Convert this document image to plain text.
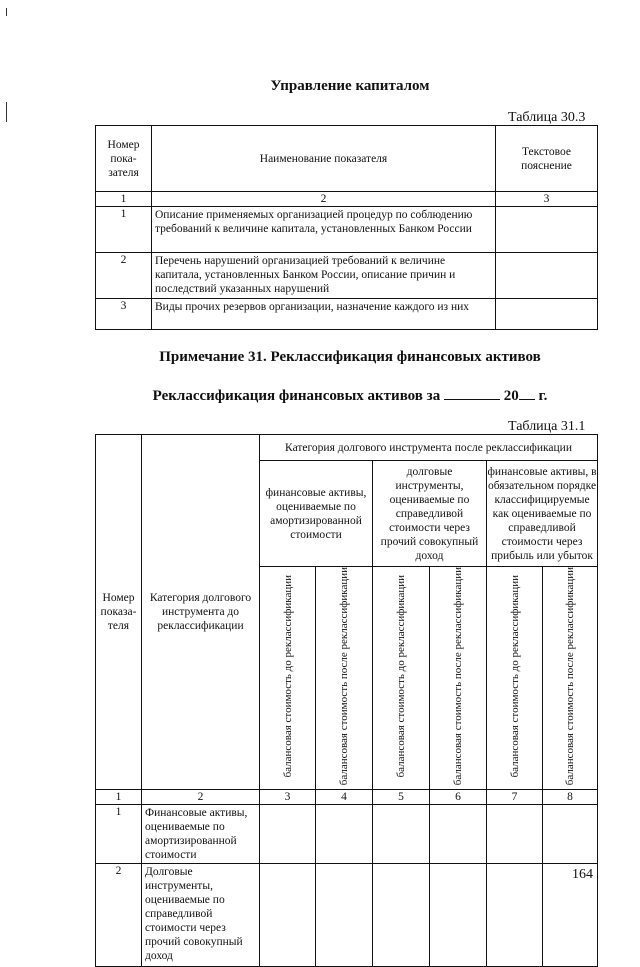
Управление капиталом
Таблица 30.3
Номер пока-зателя	Наименование показателя	Текстовое пояснение
1	2	3
1	Описание применяемых организацией процедур по соблюдению требований к величине капитала, установленных Банком России	
2	Перечень нарушений организацией требований к величине капитала, установленных Банком России, описание причин и последствий указанных нарушений	
3	Виды прочих резервов организации, назначение каждого из них	
Примечание 31. Реклассификация финансовых активов
Реклассификация финансовых активов за	20 г.
Таблица 31.1
Номер показа-теля	Категория долгового инструмента до реклассификации	Категория долгового инструмента после реклассификации					
		финансовые активы, оцениваемые по амортизированной стоимости		долговые инструменты, оцениваемые по справедливой стоимости через прочий совокупный доход		финансовые активы, в обязательном порядке классифицируемые как оцениваемые по справедливой стоимости через прибыль или убыток	
		балансовая стоимость до реклассификации	балансовая стоимость после реклассификации	балансовая стоимость до реклассификации	балансовая стоимость после реклассификации	балансовая стоимость до реклассификации	балансовая стоимость после реклассификации
1	2	3	4	5	6	7	8
1	Финансовые активы, оцениваемые по амортизированной стоимости						
2	Долговые инструменты, оцениваемые по справедливой стоимости через прочий совокупный доход						
164
